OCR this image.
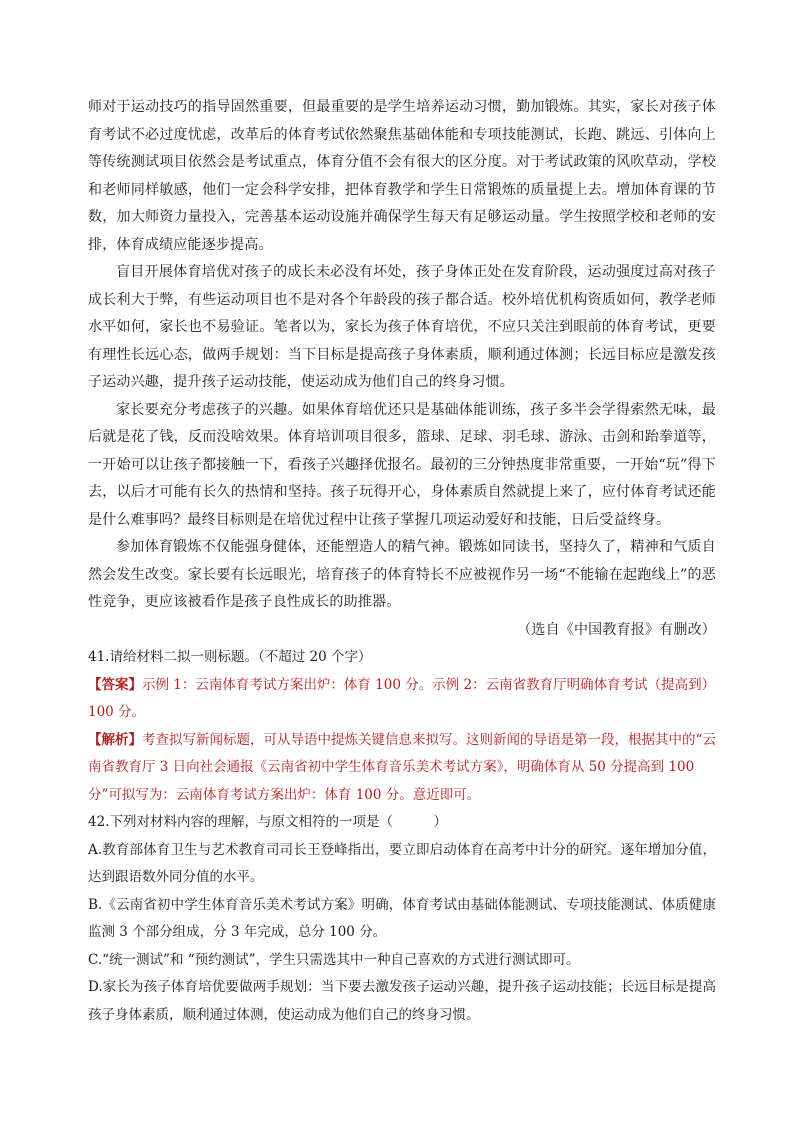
师对于运动技巧的指导固然重要，但最重要的是学生培养运动习惯，勤加锻炼。其实，家长对孩子体育考试不必过度忧虑，改革后的体育考试依然聚焦基础体能和专项技能测试，长跑、跳远、引体向上等传统测试项目依然会是考试重点，体育分值不会有很大的区分度。对于考试政策的风吹草动，学校和老师同样敏感，他们一定会科学安排，把体育教学和学生日常锻炼的质量提上去。增加体育课的节数，加大师资力量投入，完善基本运动设施并确保学生每天有足够运动量。学生按照学校和老师的安排，体育成绩应能逐步提高。

盲目开展体育培优对孩子的成长未必没有坏处，孩子身体正处在发育阶段，运动强度过高对孩子成长利大于弊，有些运动项目也不是对各个年龄段的孩子都合适。校外培优机构资质如何，教学老师水平如何，家长也不易验证。笔者以为，家长为孩子体育培优，不应只关注到眼前的体育考试，更要有理性长远心态，做两手规划：当下目标是提高孩子身体素质，顺利通过体测；长远目标应是激发孩子运动兴趣，提升孩子运动技能，使运动成为他们自己的终身习惯。

家长要充分考虑孩子的兴趣。如果体育培优还只是基础体能训练，孩子多半会学得索然无味，最后就是花了钱，反而没啥效果。体育培训项目很多，篮球、足球、羽毛球、游泳、击剑和跆拳道等，一开始可以让孩子都接触一下，看孩子兴趣择优报名。最初的三分钟热度非常重要，一开始“玩”得下去，以后才可能有长久的热情和坚持。孩子玩得开心，身体素质自然就提上来了，应付体育考试还能是什么难事吗？最终目标则是在培优过程中让孩子掌握几项运动爱好和技能，日后受益终身。

参加体育锻炼不仅能强身健体，还能塑造人的精气神。锻炼如同读书，坚持久了，精神和气质自然会发生改变。家长要有长远眼光，培育孩子的体育特长不应被视作另一场“不能输在起跑线上”的恶性竞争，更应该被看作是孩子良性成长的助推器。

（选自《中国教育报》有删改）

41.请给材料二拟一则标题。（不超过 20 个字）

【答案】示例 1：云南体育考试方案出炉：体育 100 分。示例 2：云南省教育厅明确体育考试（提高到）100 分。

【解析】考查拟写新闻标题，可从导语中提炼关键信息来拟写。这则新闻的导语是第一段，根据其中的“云南省教育厅 3 日向社会通报《云南省初中学生体育音乐美术考试方案》，明确体育从 50 分提高到 100 分”可拟写为：云南体育考试方案出炉：体育 100 分。意近即可。

42.下列对材料内容的理解，与原文相符的一项是（　　　）

A.教育部体育卫生与艺术教育司司长王登峰指出，要立即启动体育在高考中计分的研究。逐年增加分值，达到跟语数外同分值的水平。

B.《云南省初中学生体育音乐美术考试方案》明确，体育考试由基础体能测试、专项技能测试、体质健康监测 3 个部分组成，分 3 年完成，总分 100 分。

C.“统一测试”和 “预约测试”，学生只需选其中一种自己喜欢的方式进行测试即可。

D.家长为孩子体育培优要做两手规划：当下要去激发孩子运动兴趣，提升孩子运动技能；长远目标是提高孩子身体素质，顺利通过体测，使运动成为他们自己的终身习惯。
